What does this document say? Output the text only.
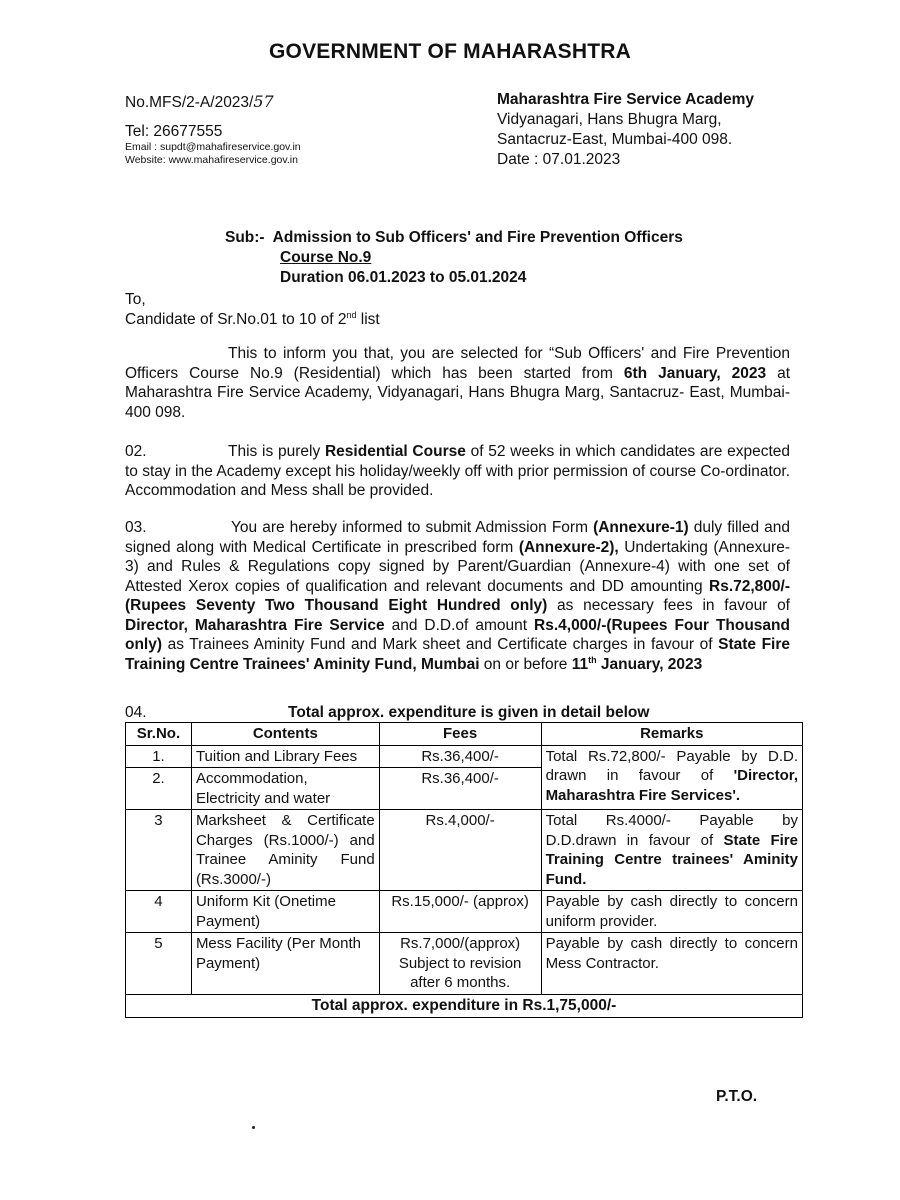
GOVERNMENT OF MAHARASHTRA
No.MFS/2-A/2023/57
Tel: 26677555
Email : supdt@mahafireservice.gov.in
Website: www.mahafireservice.gov.in
Maharashtra Fire Service Academy
Vidyanagari, Hans Bhugra Marg,
Santacruz-East, Mumbai-400 098.
Date : 07.01.2023
Sub:- Admission to Sub Officers' and Fire Prevention Officers
Course No.9
Duration 06.01.2023 to 05.01.2024
To,
Candidate of Sr.No.01 to 10 of 2nd list
This to inform you that, you are selected for “Sub Officers' and Fire Prevention Officers Course No.9 (Residential) which has been started from 6th January, 2023 at Maharashtra Fire Service Academy, Vidyanagari, Hans Bhugra Marg, Santacruz- East, Mumbai-400 098.
02.	This is purely Residential Course of 52 weeks in which candidates are expected to stay in the Academy except his holiday/weekly off with prior permission of course Co-ordinator. Accommodation and Mess shall be provided.
03.	You are hereby informed to submit Admission Form (Annexure-1) duly filled and signed along with Medical Certificate in prescribed form (Annexure-2), Undertaking (Annexure-3) and Rules & Regulations copy signed by Parent/Guardian (Annexure-4) with one set of Attested Xerox copies of qualification and relevant documents and DD amounting Rs.72,800/- (Rupees Seventy Two Thousand Eight Hundred only) as necessary fees in favour of Director, Maharashtra Fire Service and D.D.of amount Rs.4,000/-(Rupees Four Thousand only) as Trainees Aminity Fund and Mark sheet and Certificate charges in favour of State Fire Training Centre Trainees' Aminity Fund, Mumbai on or before 11th January, 2023
04.	Total approx. expenditure is given in detail below
Sr.No.	Contents	Fees	Remarks
1.	Tuition and Library Fees	Rs.36,400/-	Total Rs.72,800/- Payable by D.D. drawn in favour of 'Director, Maharashtra Fire Services'.
2.	Accommodation, Electricity and water	Rs.36,400/-	
3	Marksheet & Certificate Charges (Rs.1000/-) and Trainee Aminity Fund (Rs.3000/-)	Rs.4,000/-	Total Rs.4000/- Payable by D.D.drawn in favour of State Fire Training Centre trainees' Aminity Fund.
4	Uniform Kit (Onetime Payment)	Rs.15,000/- (approx)	Payable by cash directly to concern uniform provider.
5	Mess Facility (Per Month Payment)	Rs.7,000/(approx) Subject to revision after 6 months.	Payable by cash directly to concern Mess Contractor.
Total approx. expenditure in Rs.1,75,000/-
P.T.O.
